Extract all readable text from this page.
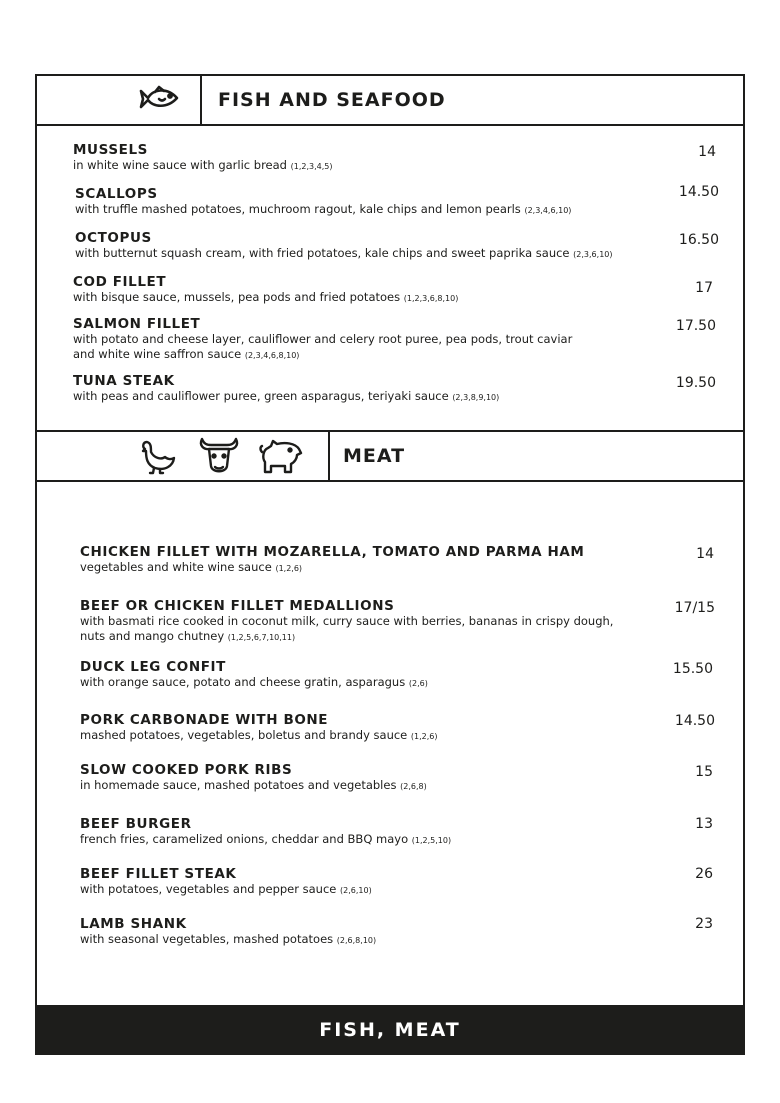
FISH AND SEAFOOD
MUSSELS
in white wine sauce with garlic bread (1,2,3,4,5)
14
SCALLOPS
with truffle mashed potatoes, muchroom ragout, kale chips and lemon pearls (2,3,4,6,10)
14.50
OCTOPUS
with butternut squash cream, with fried potatoes, kale chips and sweet paprika sauce (2,3,6,10)
16.50
COD FILLET
with bisque sauce, mussels, pea pods and fried potatoes (1,2,3,6,8,10)
17
SALMON FILLET
with potato and cheese layer, cauliflower and celery root puree, pea pods, trout caviar
and white wine saffron sauce (2,3,4,6,8,10)
17.50
TUNA STEAK
with peas and cauliflower puree, green asparagus, teriyaki sauce (2,3,8,9,10)
19.50
MEAT
CHICKEN FILLET WITH MOZARELLA, TOMATO AND PARMA HAM
vegetables and white wine sauce (1,2,6)
14
BEEF OR CHICKEN FILLET MEDALLIONS
with basmati rice cooked in coconut milk, curry sauce with berries, bananas in crispy dough,
nuts and mango chutney (1,2,5,6,7,10,11)
17/15
DUCK LEG CONFIT
with orange sauce, potato and cheese gratin, asparagus (2,6)
15.50
PORK CARBONADE WITH BONE
mashed potatoes, vegetables, boletus and brandy sauce (1,2,6)
14.50
SLOW COOKED PORK RIBS
in homemade sauce, mashed potatoes and vegetables (2,6,8)
15
BEEF BURGER
french fries, caramelized onions, cheddar and BBQ mayo (1,2,5,10)
13
BEEF FILLET STEAK
with potatoes, vegetables and pepper sauce (2,6,10)
26
LAMB SHANK
with seasonal vegetables, mashed potatoes (2,6,8,10)
23
FISH, MEAT
